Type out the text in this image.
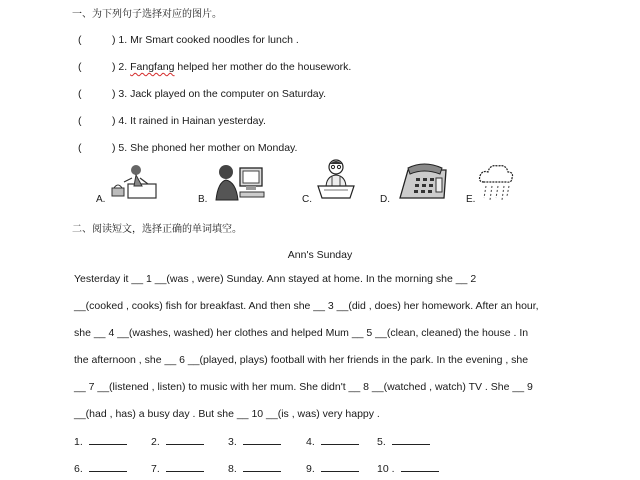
一、为下列句子选择对应的图片。
(	) 1. Mr Smart cooked noodles for lunch .
(	) 2. Fangfang helped her mother do the housework.
(	) 3. Jack played on the computer on Saturday.
(	) 4. It rained in Hainan yesterday.
(	) 5. She phoned her mother on Monday.
A.	B.	C.	D.	E.
二、阅读短文，选择正确的单词填空。
Ann's Sunday
Yesterday it __ 1 __(was , were) Sunday. Ann stayed at home. In the morning she __ 2
__(cooked , cooks) fish for breakfast. And then she __ 3 __(did , does) her homework. After an hour,
she __ 4 __(washes, washed) her clothes and helped Mum __ 5 __(clean, cleaned) the house . In
the afternoon , she __ 6 __(played, plays) football with her friends in the park. In the evening , she
__ 7 __(listened , listen) to music with her mum. She didn't __ 8 __(watched , watch) TV . She __ 9
__(had , has) a busy day . But she __ 10 __(is , was) very happy .
1.	2.	3.	4.	5.
6.	7.	8.	9.	10 .
